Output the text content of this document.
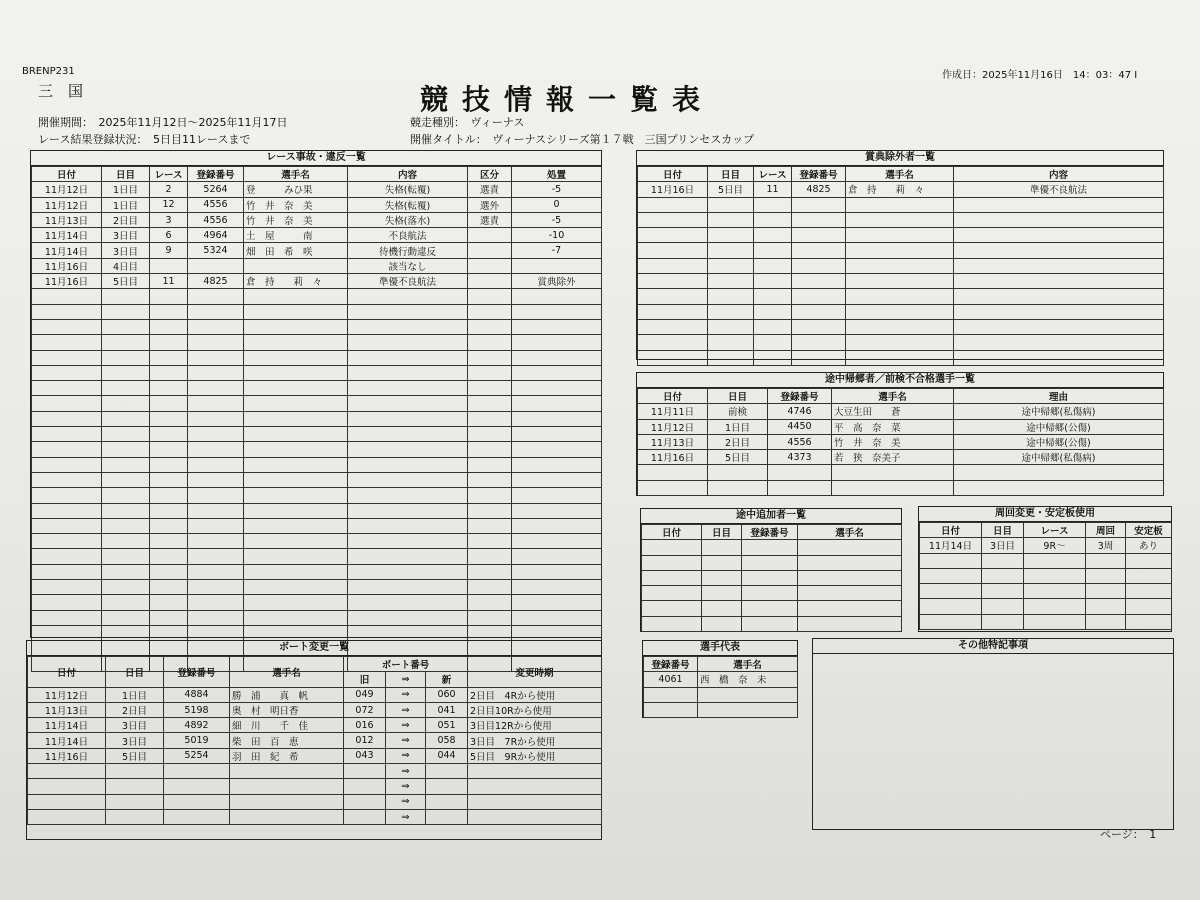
BRENP231
三　国	競技情報一覧表
作成日：2025年11月16日　14：03：47 I
開催期間：　2025年11月12日～2025年11月17日
レース結果登録状況：　5日目11レースまで
競走種別：　ヴィーナス
開催タイトル：　ヴィーナスシリーズ第１７戦　三国プリンセスカップ
レース事故・違反一覧
日付	日目	レース	登録番号	選手名	内容	区分	処置
11月12日	1日目	2	5264	登　　　みひ果	失格(転覆)	選責	-5
11月12日	1日目	12	4556	竹　井　奈　美	失格(転覆)	選外	0
11月13日	2日目	3	4556	竹　井　奈　美	失格(落水)	選責	-5
11月14日	3日目	6	4964	土　屋　　　南	不良航法		-10
11月14日	3日目	9	5324	畑　田　希　咲	待機行動違反		-7
11月16日	4日目				該当なし		
11月16日	5日目	11	4825	倉　持　　莉　々	準優不良航法		賞典除外

賞典除外者一覧
日付	日目	レース	登録番号	選手名	内容
11月16日	5日目	11	4825	倉　持　　莉　々	準優不良航法

途中帰郷者／前検不合格選手一覧
日付	日目	登録番号	選手名	理由
11月11日	前検	4746	大豆生田　　蒼	途中帰郷(私傷病)
11月12日	1日目	4450	平　高　奈　菜	途中帰郷(公傷)
11月13日	2日目	4556	竹　井　奈　美	途中帰郷(公傷)
11月16日	5日目	4373	若　狭　奈美子	途中帰郷(私傷病)

途中追加者一覧
日付	日目	登録番号	選手名

周回変更・安定板使用
日付	日目	レース	周回	安定板
11月14日	3日目	9R～	3周	あり

ボート変更一覧
日付	日目	登録番号	選手名	ボート番号			変更時期
				旧	⇒	新	
11月12日	1日目	4884	勝　浦　　真　帆	049	⇒	060	2日目　4Rから使用
11月13日	2日目	5198	奥　村　明日香	072	⇒	041	2日目10Rから使用
11月14日	3日目	4892	細　川　　千　佳	016	⇒	051	3日目12Rから使用
11月14日	3日目	5019	柴　田　百　恵	012	⇒	058	3日目　7Rから使用
11月16日	5日目	5254	羽　田　紀　希	043	⇒	044	5日目　9Rから使用
					⇒		
					⇒		
					⇒		
					⇒		
選手代表
登録番号	選手名
4061	西　橋　奈　未

その他特記事項
ページ：　1
